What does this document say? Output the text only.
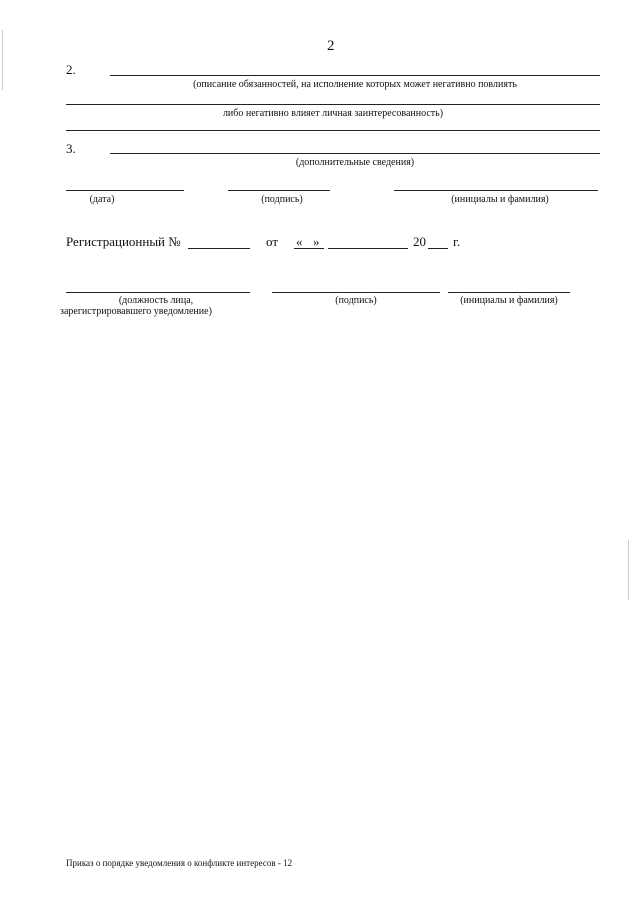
2
2.
(описание обязанностей, на исполнение которых может негативно повлиять
либо негативно влияет личная заинтересованность)
3.
(дополнительные сведения)
(дата)	(подпись)	(инициалы и фамилия)
Регистрационный №	от « »	20 г.
(должность лица,
зарегистрировавшего уведомление)
(подпись)	(инициалы и фамилия)
Приказ о порядке уведомления о конфликте интересов - 12
